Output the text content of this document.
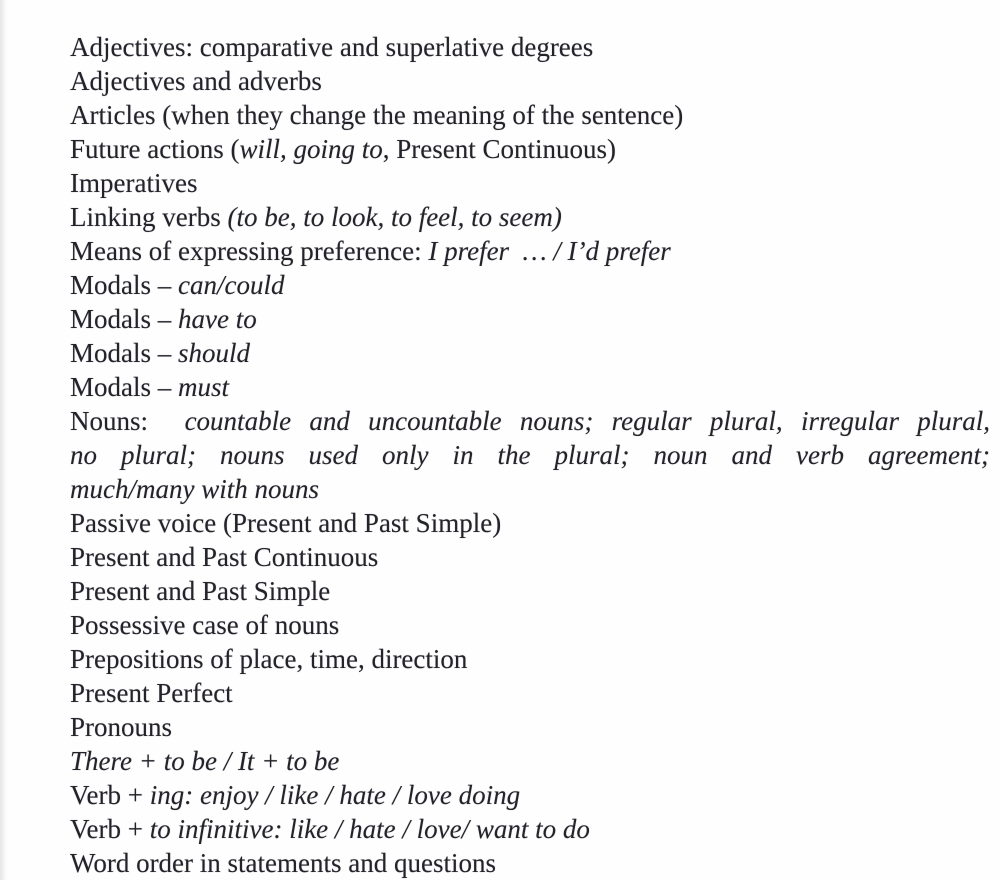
Adjectives: comparative and superlative degrees

Adjectives and adverbs

Articles (when they change the meaning of the sentence)

Future actions (will, going to, Present Continuous)

Imperatives

Linking verbs (to be, to look, to feel, to seem)

Means of expressing preference: I prefer  … / I’d prefer

Modals – can/could

Modals – have to

Modals – should

Modals – must

Nouns:  countable and uncountable nouns; regular plural, irregular plural,

no plural; nouns used only in the plural; noun and verb agreement;

much/many with nouns

Passive voice (Present and Past Simple)

Present and Past Continuous

Present and Past Simple

Possessive case of nouns

Prepositions of place, time, direction

Present Perfect

Pronouns

There + to be / It + to be

Verb + ing: enjoy / like / hate / love doing

Verb + to infinitive: like / hate / love/ want to do

Word order in statements and questions
